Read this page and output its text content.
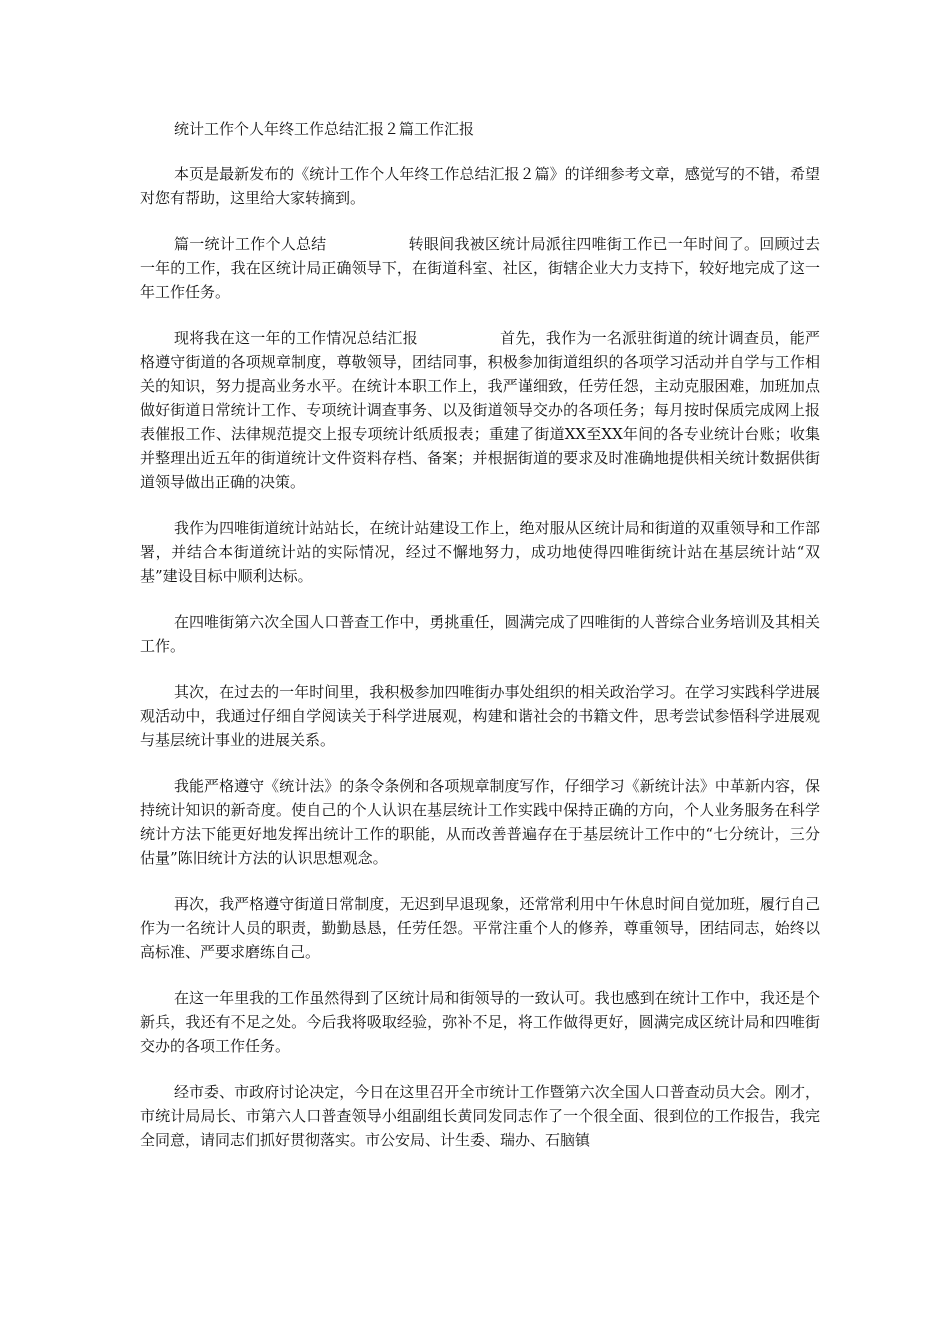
统计工作个人年终工作总结汇报２篇工作汇报

本页是最新发布的《统计工作个人年终工作总结汇报２篇》的详细参考文章，感觉写的不错，希望对您有帮助，这里给大家转摘到。

篇一统计工作个人总结	转眼间我被区统计局派往四唯街工作已一年时间了。回顾过去一年的工作，我在区统计局正确领导下，在街道科室、社区，街辖企业大力支持下，较好地完成了这一年工作任务。

现将我在这一年的工作情况总结汇报	首先，我作为一名派驻街道的统计调查员，能严格遵守街道的各项规章制度，尊敬领导，团结同事，积极参加街道组织的各项学习活动并自学与工作相关的知识，努力提高业务水平。在统计本职工作上，我严谨细致，任劳任怨，主动克服困难，加班加点做好街道日常统计工作、专项统计调查事务、以及街道领导交办的各项任务；每月按时保质完成网上报表催报工作、法律规范提交上报专项统计纸质报表；重建了街道XX至XX年间的各专业统计台账；收集并整理出近五年的街道统计文件资料存档、备案；并根据街道的要求及时准确地提供相关统计数据供街道领导做出正确的决策。

我作为四唯街道统计站站长，在统计站建设工作上，绝对服从区统计局和街道的双重领导和工作部署，并结合本街道统计站的实际情况，经过不懈地努力，成功地使得四唯街统计站在基层统计站“双基”建设目标中顺利达标。

在四唯街第六次全国人口普查工作中，勇挑重任，圆满完成了四唯街的人普综合业务培训及其相关工作。

其次，在过去的一年时间里，我积极参加四唯街办事处组织的相关政治学习。在学习实践科学进展观活动中，我通过仔细自学阅读关于科学进展观，构建和谐社会的书籍文件，思考尝试参悟科学进展观与基层统计事业的进展关系。

我能严格遵守《统计法》的条令条例和各项规章制度写作，仔细学习《新统计法》中革新内容，保持统计知识的新奇度。使自己的个人认识在基层统计工作实践中保持正确的方向，个人业务服务在科学统计方法下能更好地发挥出统计工作的职能，从而改善普遍存在于基层统计工作中的“七分统计，三分估量”陈旧统计方法的认识思想观念。

再次，我严格遵守街道日常制度，无迟到早退现象，还常常利用中午休息时间自觉加班，履行自己作为一名统计人员的职责，勤勤恳恳，任劳任怨。平常注重个人的修养，尊重领导，团结同志，始终以高标准、严要求磨练自己。

在这一年里我的工作虽然得到了区统计局和街领导的一致认可。我也感到在统计工作中，我还是个新兵，我还有不足之处。今后我将吸取经验，弥补不足，将工作做得更好，圆满完成区统计局和四唯街交办的各项工作任务。

经市委、市政府讨论决定，今日在这里召开全市统计工作暨第六次全国人口普查动员大会。刚才，市统计局局长、市第六人口普查领导小组副组长黄同发同志作了一个很全面、很到位的工作报告，我完全同意，请同志们抓好贯彻落实。市公安局、计生委、瑞办、石脑镇
